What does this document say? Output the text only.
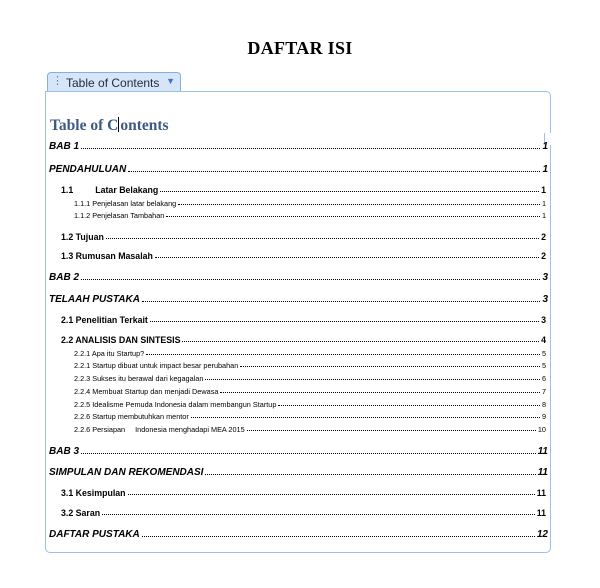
DAFTAR ISI
⋮ Table of Contents ▼
Table of C ontents
BAB 1	1
PENDAHULUAN	1
1.1	Latar Belakang	1
1.1.1 Penjelasan latar belakang	1
1.1.2 Penjelasan Tambahan	1
1.2 Tujuan	2
1.3 Rumusan Masalah	2
BAB 2	3
TELAAH PUSTAKA	3
2.1 Penelitian Terkait	3
2.2 ANALISIS DAN SINTESIS	4
2.2.1 Apa itu Startup?	5
2.2.1 Startup dibuat untuk impact besar perubahan	5
2.2.3 Sukses itu berawal dari kegagalan	6
2.2.4 Membuat Startup dan menjadi Dewasa	7
2.2.5 Idealisme Pemuda Indonesia dalam membangun Startup	8
2.2.6 Startup membutuhkan mentor	9
2.2.6 Persiapan Indonesia menghadapi MEA 2015	10
BAB 3	11
SIMPULAN DAN REKOMENDASI	11
3.1 Kesimpulan	11
3.2 Saran	11
DAFTAR PUSTAKA	12
